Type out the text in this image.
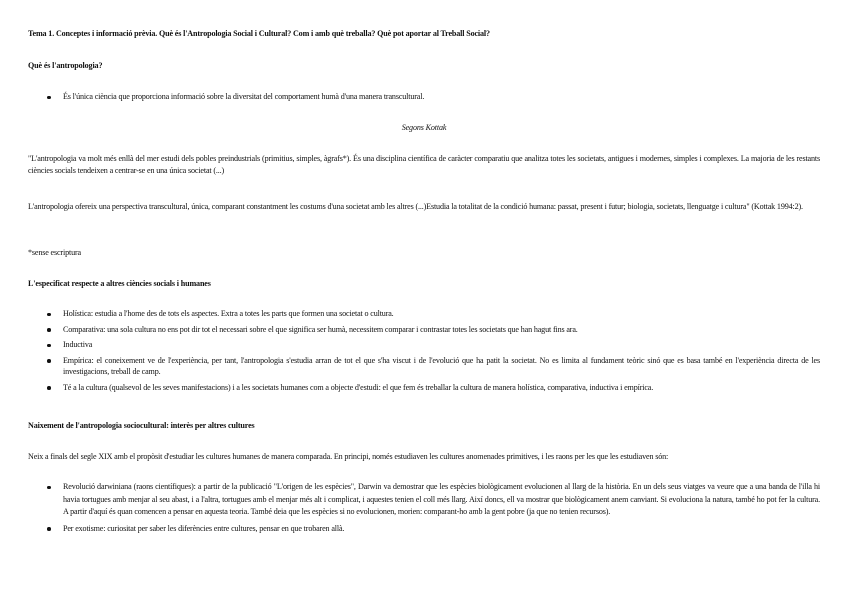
Tema 1. Conceptes i informació prèvia. Què és l'Antropologia Social i Cultural? Com i amb què treballa? Què pot aportar al Treball Social?

Què és l'antropologia?

És l'única ciència que proporciona informació sobre la diversitat del comportament humà d'una manera transcultural.

Segons Kottak

"L'antropologia va molt més enllà del mer estudi dels pobles preindustrials (primitius, simples, àgrafs*). És una disciplina científica de caràcter comparatiu que analitza totes les societats, antigues i modernes, simples i complexes. La majoria de les restants ciències socials tendeixen a centrar-se en una única societat (...)

L'antropologia ofereix una perspectiva transcultural, única, comparant constantment les costums d'una societat amb les altres (...)Estudia la totalitat de la condició humana: passat, present i futur; biologia, societats, llenguatge i cultura" (Kottak 1994:2).

*sense escriptura

L'especificat respecte a altres ciències socials i humanes

Holística: estudia a l'home des de tots els aspectes. Extra a totes les parts que formen una societat o cultura.
Comparativa: una sola cultura no ens pot dir tot el necessari sobre el que significa ser humà, necessitem comparar i contrastar totes les societats que han hagut fins ara.
Inductiva
Empírica: el coneixement ve de l'experiència, per tant, l'antropologia s'estudia arran de tot el que s'ha viscut i de l'evolució que ha patit la societat. No es limita al fundament teòric sinó que es basa també en l'experiència directa de les investigacions, treball de camp.
Té a la cultura (qualsevol de les seves manifestacions) i a les societats humanes com a objecte d'estudi: el que fem és treballar la cultura de manera holística, comparativa, inductiva i empírica.

Naixement de l'antropologia sociocultural: interès per altres cultures

Neix a finals del segle XIX amb el propòsit d'estudiar les cultures humanes de manera comparada. En principi, només estudiaven les cultures anomenades primitives, i les raons per les que les estudiaven són:

Revolució darwiniana (raons científiques): a partir de la publicació "L'origen de les espècies", Darwin va demostrar que les espècies biològicament evolucionen al llarg de la història. En un dels seus viatges va veure que a una banda de l'illa hi havia tortugues amb menjar al seu abast, i a l'altra, tortugues amb el menjar més alt i complicat, i aquestes tenien el coll més llarg. Així doncs, ell va mostrar que biològicament anem canviant. Si evoluciona la natura, també ho pot fer la cultura. A partir d'aquí és quan comencen a pensar en aquesta teoria. També deia que les espècies si no evolucionen, morien: comparant-ho amb la gent pobre (ja que no tenien recursos).
Per exotisme: curiositat per saber les diferències entre cultures, pensar en que trobaren allà.
